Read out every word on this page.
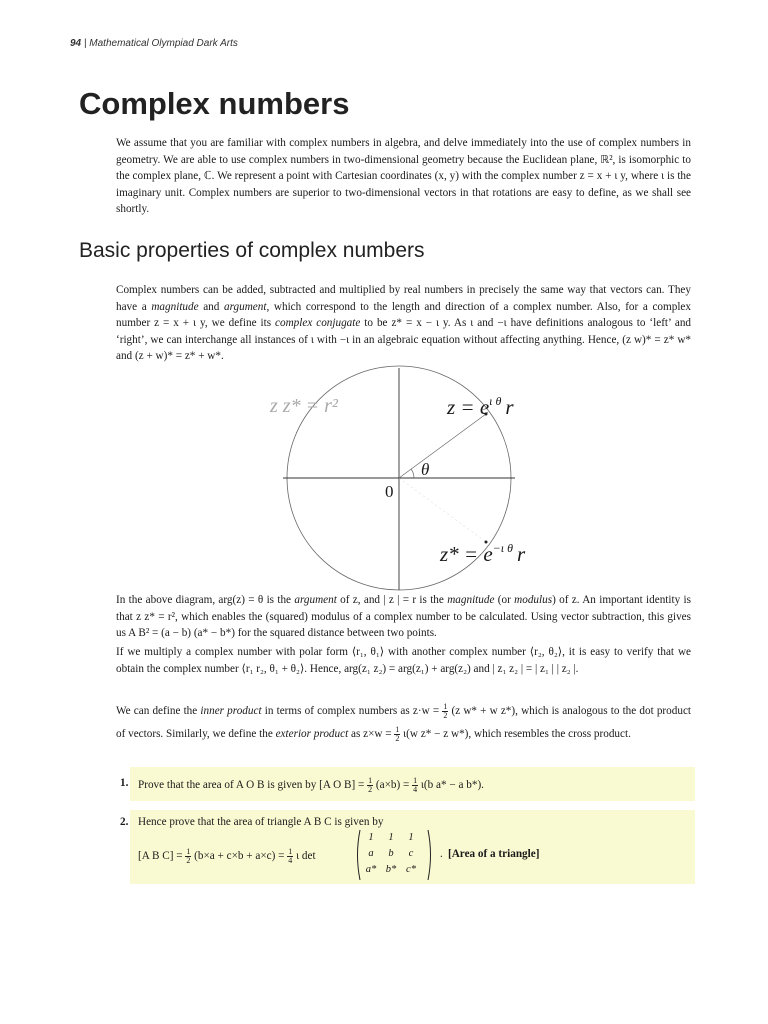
94 | Mathematical Olympiad Dark Arts
Complex numbers

We assume that you are familiar with complex numbers in algebra, and delve immediately into the use of complex numbers in geometry. We are able to use complex numbers in two-dimensional geometry because the Euclidean plane, ℝ², is isomorphic to the complex plane, ℂ. We represent a point with Cartesian coordinates (x, y) with the complex number z = x + ι y, where ι is the imaginary unit. Complex numbers are superior to two-dimensional vectors in that rotations are easy to define, as we shall see shortly.

Basic properties of complex numbers

Complex numbers can be added, subtracted and multiplied by real numbers in precisely the same way that vectors can. They have a magnitude and argument, which correspond to the length and direction of a complex number. Also, for a complex number z = x + ι y, we define its complex conjugate to be z* = x − ι y. As ι and −ι have definitions analogous to ‘left’ and ‘right’, we can interchange all instances of ι with −ι in an algebraic equation without affecting anything. Hence, (z w)* = z* w* and (z + w)* = z* + w*.

z z* = r²	$z = e^{\iota \theta}$ r
θ
0
$z* = e^{-\iota \theta}$ r

In the above diagram, arg(z) = θ is the argument of z, and | z | = r is the magnitude (or modulus) of z. An important identity is that z z* = r², which enables the (squared) modulus of a complex number to be calculated. Using vector subtraction, this gives us A B² = (a − b) (a* − b*) for the squared distance between two points.

If we multiply a complex number with polar form ⟨r₁, θ₁⟩ with another complex number ⟨r₂, θ₂⟩, it is easy to verify that we obtain the complex number ⟨r₁ r₂, θ₁ + θ₂⟩. Hence, arg(z₁ z₂) = arg(z₁) + arg(z₂) and | z₁ z₂ | = | z₁ | | z₂ |.

We can define the inner product in terms of complex numbers as $z\cdot w = \frac{1}{2} (z$ w* + w z*), which is analogous to the dot product of vectors. Similarly, we define the exterior product as $z\times w = \frac{1}{2} \iota(w$ z* − z w*), which resembles the cross product.

1. Prove that the area of A O B is given by [A O $B] = \frac{1}{2} (a\times b) = \frac{1}{4} \iota(b$ a* − a b*).
2. Hence prove that the area of triangle A B C is given by
[A B $C] = \frac{1}{2} (b\times a + c\times b + a\times c) = \frac{1}{4}$ ι det
1	1	1
a	b	c
a*	b*	c*
. [Area of a triangle]
